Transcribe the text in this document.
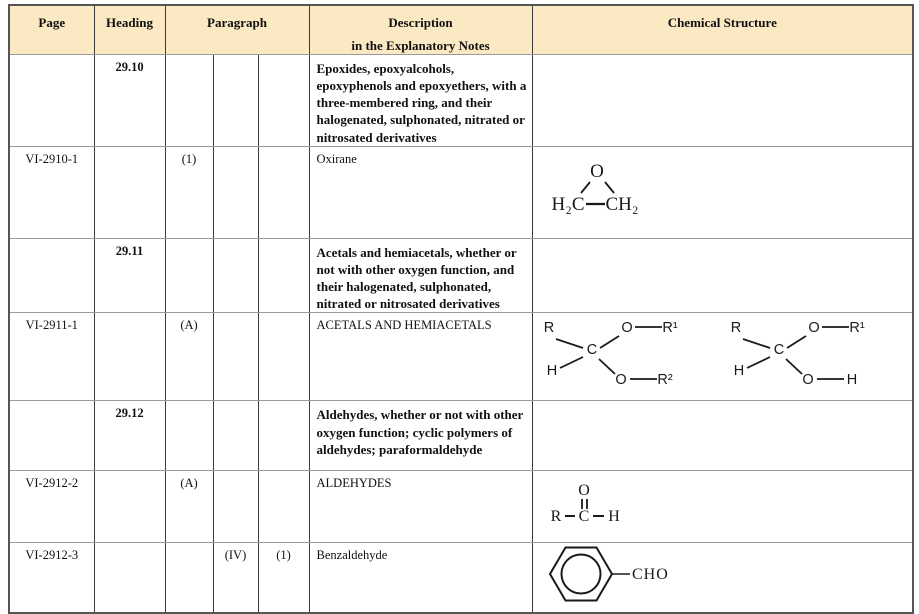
Page	Heading	Paragraph			Description
in the Explanatory Notes	Chemical Structure
	29.10				Epoxides, epoxyalcohols, epoxyphenols and epoxyethers, with a three-membered ring, and their halogenated, sulphonated, nitrated or nitrosated derivatives	
VI-2910-1		(1)			Oxirane	O
H₂C CH₂

	29.11				Acetals and hemiacetals, whether or not with other oxygen function, and their halogenated, sulphonated, nitrated or nitrosated derivatives	
VI-2911-1		(A)			ACETALS AND HEMIACETALS	R
C
H
O R¹
O R²
R
C
H
O R¹
O H

	29.12				Aldehydes, whether or not with other oxygen function; cyclic polymers of aldehydes; paraformaldehyde	
VI-2912-2		(A)			ALDEHYDES	O
R C H

VI-2912-3			(IV)	(1)	Benzaldehyde	CHO
